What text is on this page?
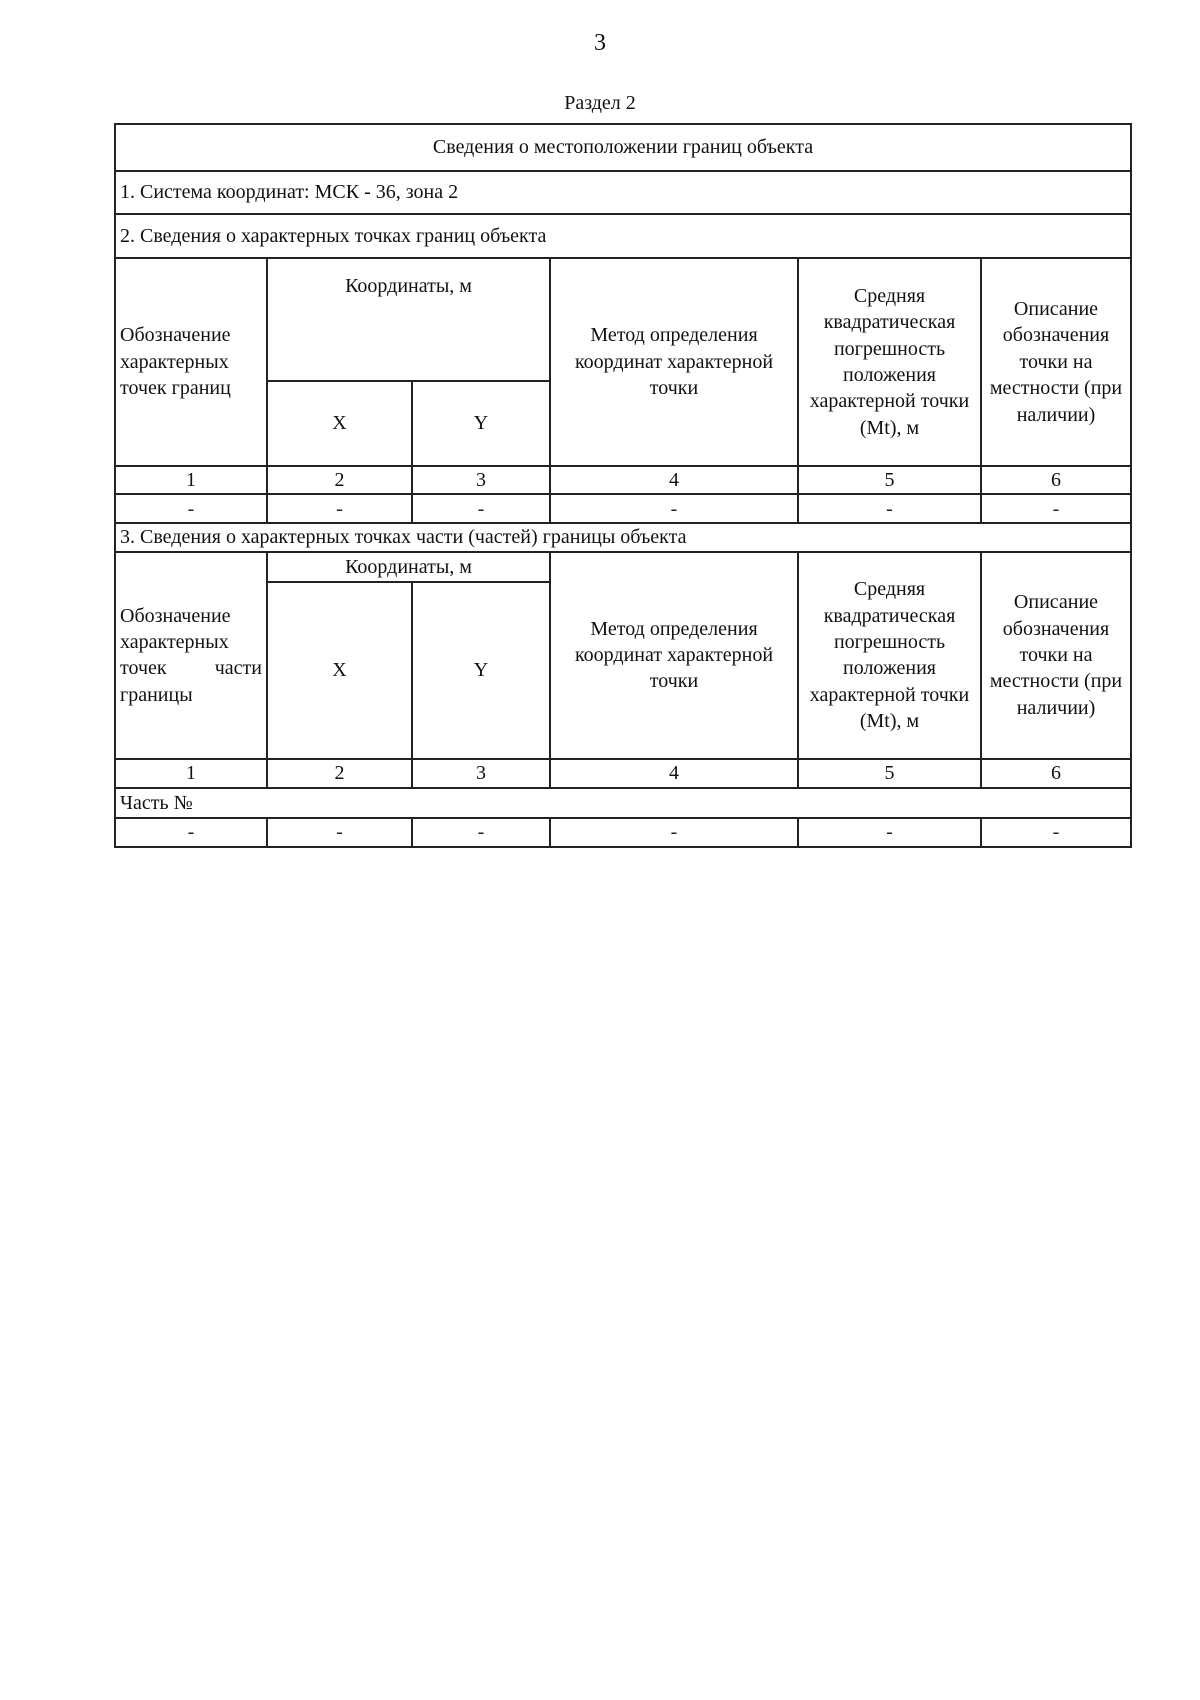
3
Раздел 2
Сведения о местоположении границ объекта					
1. Система координат: МСК - 36, зона 2					
2. Сведения о характерных точках границ объекта					
Обозначение характерных точек границ	Координаты, м		Метод определения координат характерной точки	Средняя квадратическая погрешность положения характерной точки (Mt), м	Описание обозначения точки на местности (при наличии)
	X	Y			
1	2	3	4	5	6
-	-	-	-	-	-
3. Сведения о характерных точках части (частей) границы объекта					
Обозначение характерных точек части границы	Координаты, м		Метод определения координат характерной точки	Средняя квадратическая погрешность положения характерной точки (Mt), м	Описание обозначения точки на местности (при наличии)
	X	Y			
1	2	3	4	5	6
Часть №					
-	-	-	-	-	-
